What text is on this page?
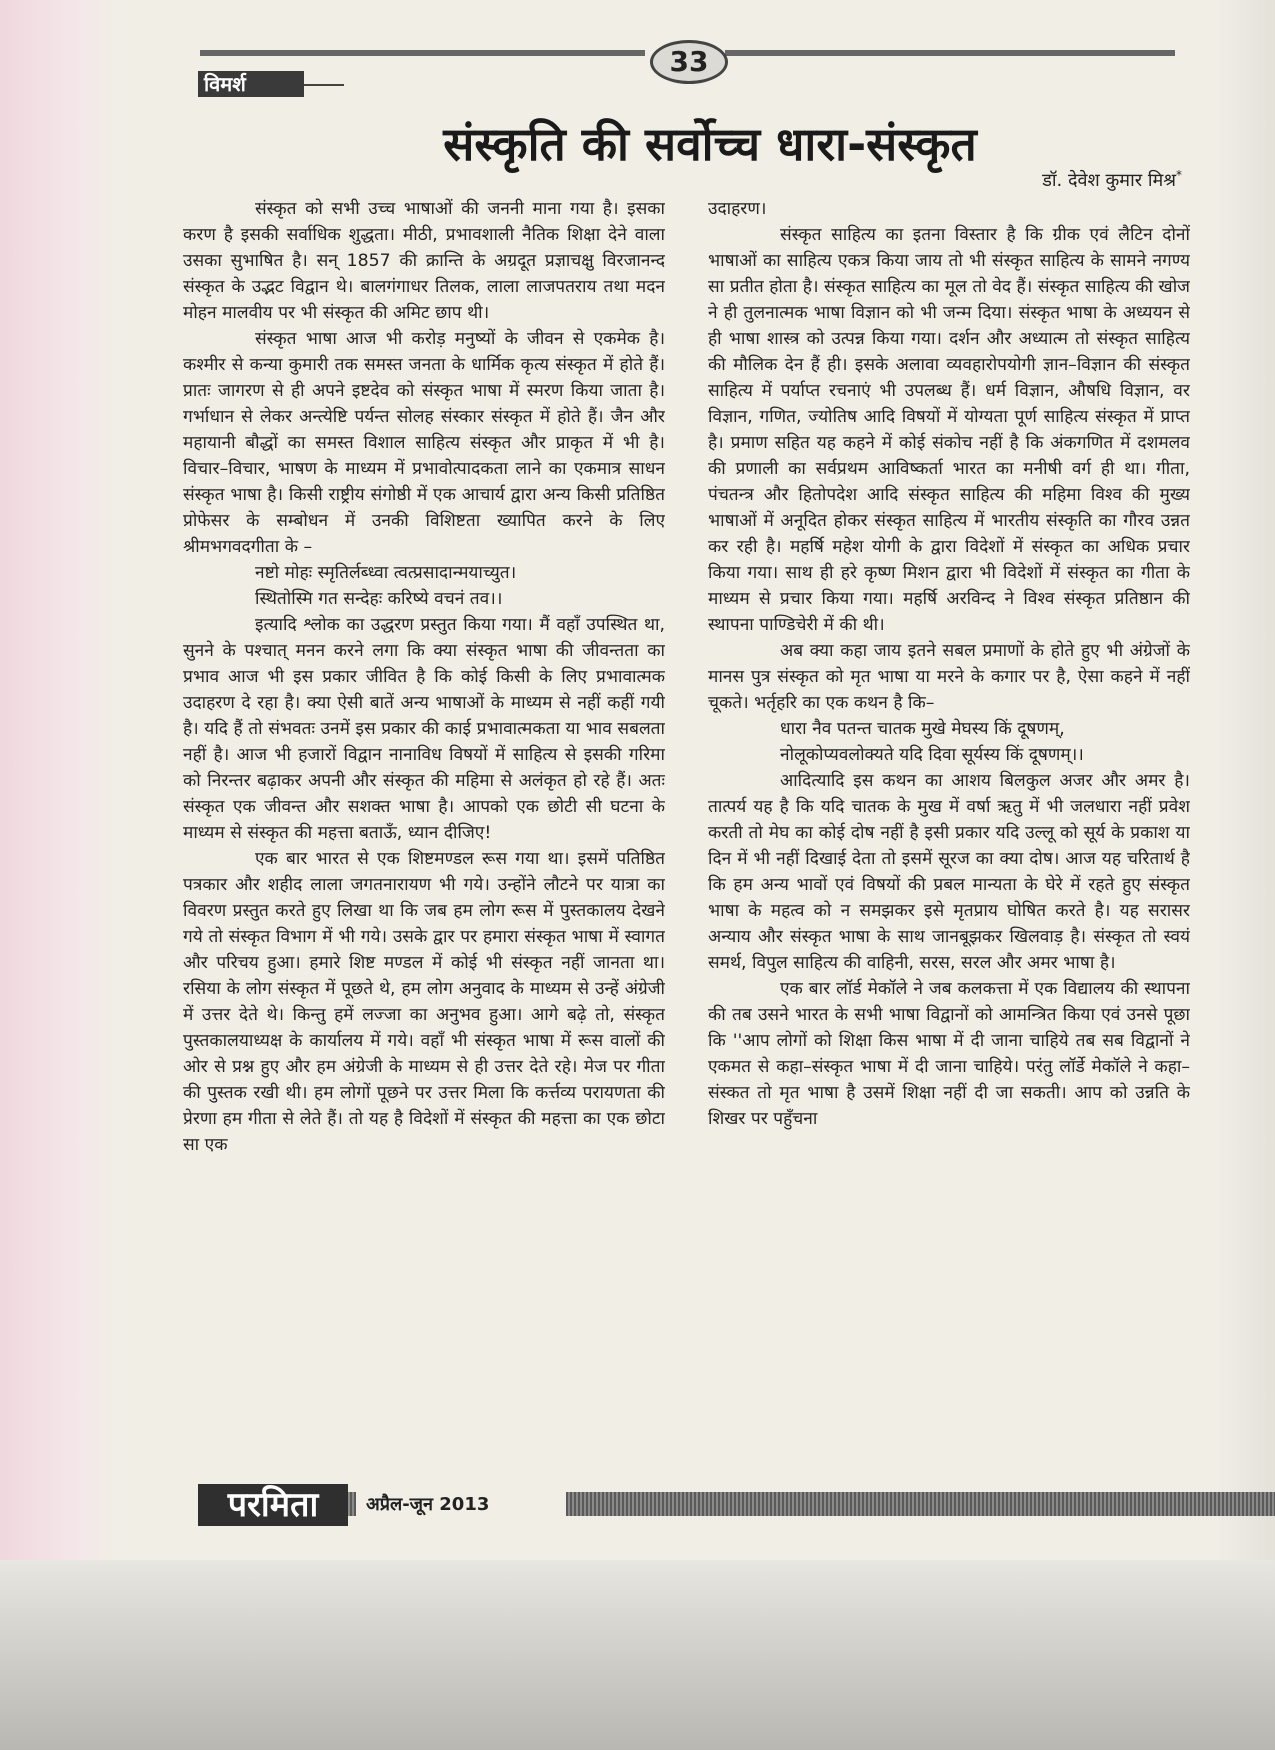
33
विमर्श
संस्कृति की सर्वोच्च धारा-संस्कृत
डॉ. देवेश कुमार मिश्र*

संस्कृत को सभी उच्च भाषाओं की जननी माना गया है। इसका करण है इसकी सर्वाधिक शुद्धता। मीठी, प्रभावशाली नैतिक शिक्षा देने वाला उसका सुभाषित है। सन् 1857 की क्रान्ति के अग्रदूत प्रज्ञाचक्षु विरजानन्द संस्कृत के उद्भट विद्वान थे। बालगंगाधर तिलक, लाला लाजपतराय तथा मदन मोहन मालवीय पर भी संस्कृत की अमिट छाप थी।

संस्कृत भाषा आज भी करोड़ मनुष्यों के जीवन से एकमेक है। कश्मीर से कन्या कुमारी तक समस्त जनता के धार्मिक कृत्य संस्कृत में होते हैं। प्रातः जागरण से ही अपने इष्टदेव को संस्कृत भाषा में स्मरण किया जाता है। गर्भाधान से लेकर अन्त्येष्टि पर्यन्त सोलह संस्कार संस्कृत में होते हैं। जैन और महायानी बौद्धों का समस्त विशाल साहित्य संस्कृत और प्राकृत में भी है। विचार–विचार, भाषण के माध्यम में प्रभावोत्पादकता लाने का एकमात्र साधन संस्कृत भाषा है। किसी राष्ट्रीय संगोष्ठी में एक आचार्य द्वारा अन्य किसी प्रतिष्ठित प्रोफेसर के सम्बोधन में उनकी विशिष्टता ख्यापित करने के लिए श्रीमभगवदगीता के –

नष्टो मोहः स्मृतिर्लब्ध्वा त्वत्प्रसादान्मयाच्युत।

स्थितोस्मि गत सन्देहः करिष्ये वचनं तव।।

इत्यादि श्लोक का उद्धरण प्रस्तुत किया गया। मैं वहाँ उपस्थित था, सुनने के पश्चात् मनन करने लगा कि क्या संस्कृत भाषा की जीवन्तता का प्रभाव आज भी इस प्रकार जीवित है कि कोई किसी के लिए प्रभावात्मक उदाहरण दे रहा है। क्या ऐसी बातें अन्य भाषाओं के माध्यम से नहीं कहीं गयी है। यदि हैं तो संभवतः उनमें इस प्रकार की काई प्रभावात्मकता या भाव सबलता नहीं है। आज भी हजारों विद्वान नानाविध विषयों में साहित्य से इसकी गरिमा को निरन्तर बढ़ाकर अपनी और संस्कृत की महिमा से अलंकृत हो रहे हैं। अतः संस्कृत एक जीवन्त और सशक्त भाषा है। आपको एक छोटी सी घटना के माध्यम से संस्कृत की महत्ता बताऊँ, ध्यान दीजिए!

एक बार भारत से एक शिष्टमण्डल रूस गया था। इसमें पतिष्ठित पत्रकार और शहीद लाला जगतनारायण भी गये। उन्होंने लौटने पर यात्रा का विवरण प्रस्तुत करते हुए लिखा था कि जब हम लोग रूस में पुस्तकालय देखने गये तो संस्कृत विभाग में भी गये। उसके द्वार पर हमारा संस्कृत भाषा में स्वागत और परिचय हुआ। हमारे शिष्ट मण्डल में कोई भी संस्कृत नहीं जानता था। रसिया के लोग संस्कृत में पूछते थे, हम लोग अनुवाद के माध्यम से उन्हें अंग्रेजी में उत्तर देते थे। किन्तु हमें लज्जा का अनुभव हुआ। आगे बढ़े तो, संस्कृत पुस्तकालयाध्यक्ष के कार्यालय में गये। वहाँ भी संस्कृत भाषा में रूस वालों की ओर से प्रश्न हुए और हम अंग्रेजी के माध्यम से ही उत्तर देते रहे। मेज पर गीता की पुस्तक रखी थी। हम लोगों पूछने पर उत्तर मिला कि कर्त्तव्य परायणता की प्रेरणा हम गीता से लेते हैं। तो यह है विदेशों में संस्कृत की महत्ता का एक छोटा सा एक

उदाहरण।

संस्कृत साहित्य का इतना विस्तार है कि ग्रीक एवं लैटिन दोनों भाषाओं का साहित्य एकत्र किया जाय तो भी संस्कृत साहित्य के सामने नगण्य सा प्रतीत होता है। संस्कृत साहित्य का मूल तो वेद हैं। संस्कृत साहित्य की खोज ने ही तुलनात्मक भाषा विज्ञान को भी जन्म दिया। संस्कृत भाषा के अध्ययन से ही भाषा शास्त्र को उत्पन्न किया गया। दर्शन और अध्यात्म तो संस्कृत साहित्य की मौलिक देन हैं ही। इसके अलावा व्यवहारोपयोगी ज्ञान–विज्ञान की संस्कृत साहित्य में पर्याप्त रचनाएं भी उपलब्ध हैं। धर्म विज्ञान, औषधि विज्ञान, वर विज्ञान, गणित, ज्योतिष आदि विषयों में योग्यता पूर्ण साहित्य संस्कृत में प्राप्त है। प्रमाण सहित यह कहने में कोई संकोच नहीं है कि अंकगणित में दशमलव की प्रणाली का सर्वप्रथम आविष्कर्ता भारत का मनीषी वर्ग ही था। गीता, पंचतन्त्र और हितोपदेश आदि संस्कृत साहित्य की महिमा विश्व की मुख्य भाषाओं में अनूदित होकर संस्कृत साहित्य में भारतीय संस्कृति का गौरव उन्नत कर रही है। महर्षि महेश योगी के द्वारा विदेशों में संस्कृत का अधिक प्रचार किया गया। साथ ही हरे कृष्ण मिशन द्वारा भी विदेशों में संस्कृत का गीता के माध्यम से प्रचार किया गया। महर्षि अरविन्द ने विश्व संस्कृत प्रतिष्ठान की स्थापना पाण्डिचेरी में की थी।

अब क्या कहा जाय इतने सबल प्रमाणों के होते हुए भी अंग्रेजों के मानस पुत्र संस्कृत को मृत भाषा या मरने के कगार पर है, ऐसा कहने में नहीं चूकते। भर्तृहरि का एक कथन है कि–

धारा नैव पतन्त चातक मुखे मेघस्य किं दूषणम्,

नोलूकोप्यवलोक्यते यदि दिवा सूर्यस्य किं दूषणम्।।

आदित्यादि इस कथन का आशय बिलकुल अजर और अमर है। तात्पर्य यह है कि यदि चातक के मुख में वर्षा ऋतु में भी जलधारा नहीं प्रवेश करती तो मेघ का कोई दोष नहीं है इसी प्रकार यदि उल्लू को सूर्य के प्रकाश या दिन में भी नहीं दिखाई देता तो इसमें सूरज का क्या दोष। आज यह चरितार्थ है कि हम अन्य भावों एवं विषयों की प्रबल मान्यता के घेरे में रहते हुए संस्कृत भाषा के महत्व को न समझकर इसे मृतप्राय घोषित करते है। यह सरासर अन्याय और संस्कृत भाषा के साथ जानबूझकर खिलवाड़ है। संस्कृत तो स्वयं समर्थ, विपुल साहित्य की वाहिनी, सरस, सरल और अमर भाषा है।

एक बार लॉर्ड मेकॉले ने जब कलकत्ता में एक विद्यालय की स्थापना की तब उसने भारत के सभी भाषा विद्वानों को आमन्त्रित किया एवं उनसे पूछा कि ''आप लोगों को शिक्षा किस भाषा में दी जाना चाहिये तब सब विद्वानों ने एकमत से कहा–संस्कृत भाषा में दी जाना चाहिये। परंतु लॉर्डे मेकॉले ने कहा–संस्कत तो मृत भाषा है उसमें शिक्षा नहीं दी जा सकती। आप को उन्नति के शिखर पर पहुँचना

परमिता	अप्रैल-जून 2013
